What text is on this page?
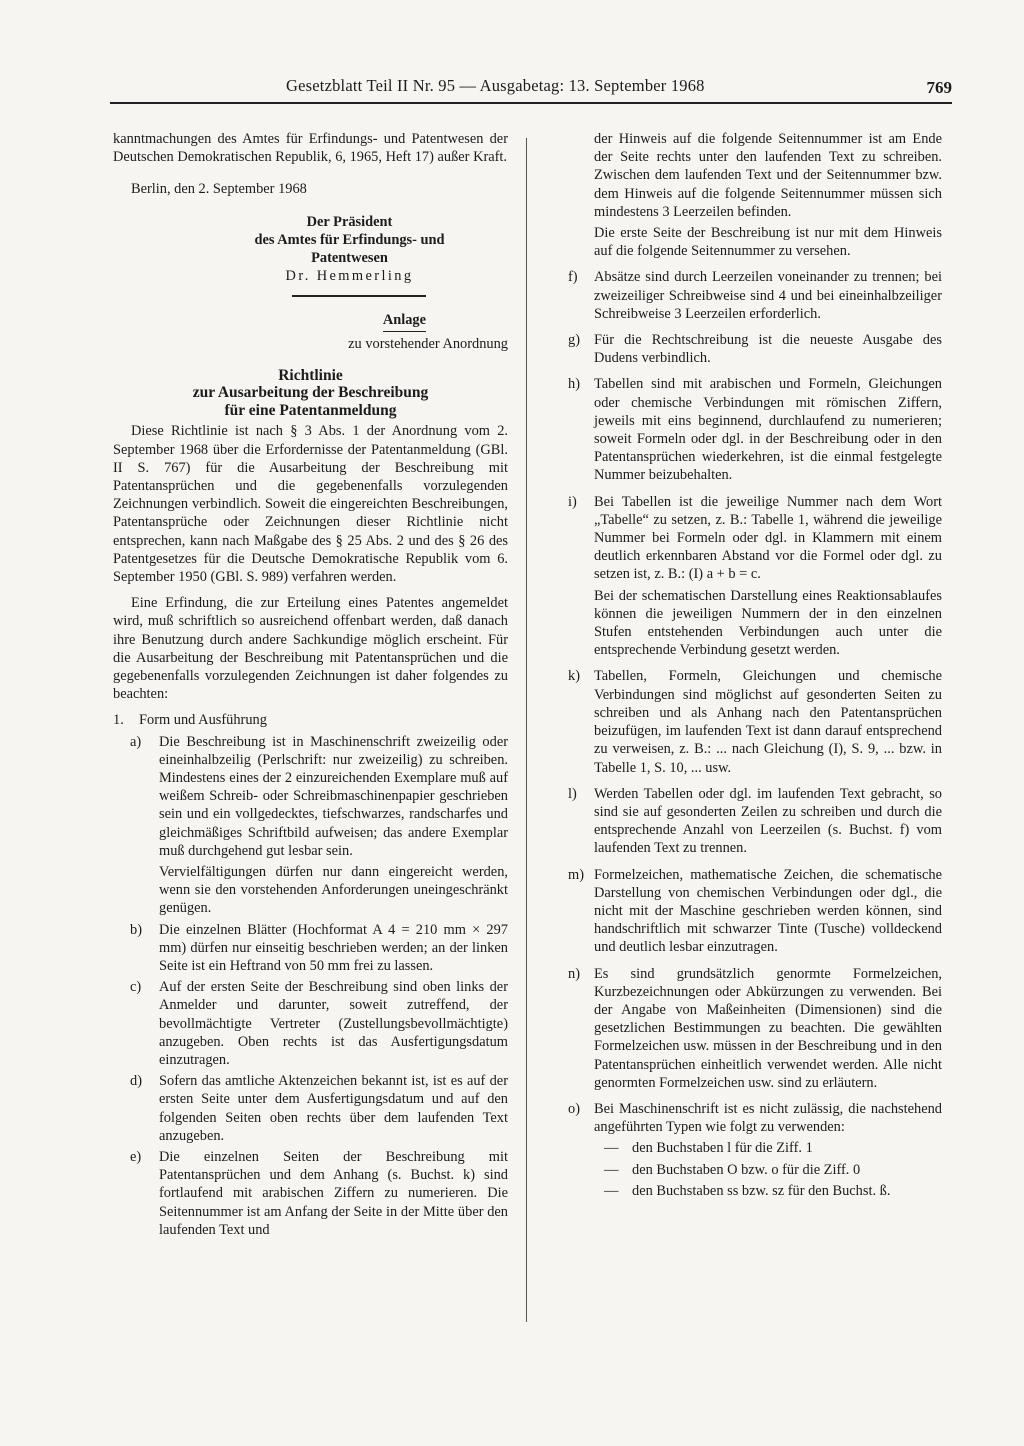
Gesetzblatt Teil II Nr. 95 — Ausgabetag: 13. September 1968	769

kanntmachungen des Amtes für Erfindungs- und Patentwesen der Deutschen Demokratischen Republik, 6, 1965, Heft 17) außer Kraft.

Berlin, den 2. September 1968

Der Präsident

des Amtes für Erfindungs- und

Patentwesen

Dr. Hemmerling

Anlage

zu vorstehender Anordnung

Richtlinie

zur Ausarbeitung der Beschreibung

für eine Patentanmeldung

Diese Richtlinie ist nach § 3 Abs. 1 der Anordnung vom 2. September 1968 über die Erfordernisse der Patentanmeldung (GBl. II S. 767) für die Ausarbeitung der Beschreibung mit Patentansprüchen und die gegebenenfalls vorzulegenden Zeichnungen verbindlich. Soweit die eingereichten Beschreibungen, Patentansprüche oder Zeichnungen dieser Richtlinie nicht entsprechen, kann nach Maßgabe des § 25 Abs. 2 und des § 26 des Patentgesetzes für die Deutsche Demokratische Republik vom 6. September 1950 (GBl. S. 989) verfahren werden.

Eine Erfindung, die zur Erteilung eines Patentes angemeldet wird, muß schriftlich so ausreichend offenbart werden, daß danach ihre Benutzung durch andere Sachkundige möglich erscheint. Für die Ausarbeitung der Beschreibung mit Patentansprüchen und die gegebenenfalls vorzulegenden Zeichnungen ist daher folgendes zu beachten:

1.	Form und Ausführung
a)	Die Beschreibung ist in Maschinenschrift zweizeilig oder eineinhalbzeilig (Perlschrift: nur zweizeilig) zu schreiben. Mindestens eines der 2 einzureichenden Exemplare muß auf weißem Schreib- oder Schreibmaschinenpapier geschrieben sein und ein vollgedecktes, tiefschwarzes, randscharfes und gleichmäßiges Schriftbild aufweisen; das andere Exemplar muß durchgehend gut lesbar sein.

Vervielfältigungen dürfen nur dann eingereicht werden, wenn sie den vorstehenden Anforderungen uneingeschränkt genügen.

b)	Die einzelnen Blätter (Hochformat A 4 = 210 mm × 297 mm) dürfen nur einseitig beschrieben werden; an der linken Seite ist ein Heftrand von 50 mm frei zu lassen.
c)	Auf der ersten Seite der Beschreibung sind oben links der Anmelder und darunter, soweit zutreffend, der bevollmächtigte Vertreter (Zustellungsbevollmächtigte) anzugeben. Oben rechts ist das Ausfertigungsdatum einzutragen.
d)	Sofern das amtliche Aktenzeichen bekannt ist, ist es auf der ersten Seite unter dem Ausfertigungsdatum und auf den folgenden Seiten oben rechts über dem laufenden Text anzugeben.
e)	Die einzelnen Seiten der Beschreibung mit Patentansprüchen und dem Anhang (s. Buchst. k) sind fortlaufend mit arabischen Ziffern zu numerieren. Die Seitennummer ist am Anfang der Seite in der Mitte über den laufenden Text und

der Hinweis auf die folgende Seitennummer ist am Ende der Seite rechts unter den laufenden Text zu schreiben. Zwischen dem laufenden Text und der Seitennummer bzw. dem Hinweis auf die folgende Seitennummer müssen sich mindestens 3 Leerzeilen befinden.

Die erste Seite der Beschreibung ist nur mit dem Hinweis auf die folgende Seitennummer zu versehen.

f)	Absätze sind durch Leerzeilen voneinander zu trennen; bei zweizeiliger Schreibweise sind 4 und bei eineinhalbzeiliger Schreibweise 3 Leerzeilen erforderlich.
g) Für die Rechtschreibung ist die neueste Ausgabe des Dudens verbindlich.
h) Tabellen sind mit arabischen und Formeln, Gleichungen oder chemische Verbindungen mit römischen Ziffern, jeweils mit eins beginnend, durchlaufend zu numerieren; soweit Formeln oder dgl. in der Beschreibung oder in den Patentansprüchen wiederkehren, ist die einmal festgelegte Nummer beizubehalten.
i)	Bei Tabellen ist die jeweilige Nummer nach dem Wort „Tabelle“ zu setzen, z. B.: Tabelle 1, während die jeweilige Nummer bei Formeln oder dgl. in Klammern mit einem deutlich erkennbaren Abstand vor die Formel oder dgl. zu setzen ist, z. B.: (I) a + b = c.

Bei der schematischen Darstellung eines Reaktionsablaufes können die jeweiligen Nummern der in den einzelnen Stufen entstehenden Verbindungen auch unter die entsprechende Verbindung gesetzt werden.

k) Tabellen, Formeln, Gleichungen und chemische Verbindungen sind möglichst auf gesonderten Seiten zu schreiben und als Anhang nach den Patentansprüchen beizufügen, im laufenden Text ist dann darauf entsprechend zu verweisen, z. B.: ... nach Gleichung (I), S. 9, ... bzw. in Tabelle 1, S. 10, ... usw.
l)	Werden Tabellen oder dgl. im laufenden Text gebracht, so sind sie auf gesonderten Zeilen zu schreiben und durch die entsprechende Anzahl von Leerzeilen (s. Buchst. f) vom laufenden Text zu trennen.
m) Formelzeichen, mathematische Zeichen, die schematische Darstellung von chemischen Verbindungen oder dgl., die nicht mit der Maschine geschrieben werden können, sind handschriftlich mit schwarzer Tinte (Tusche) volldeckend und deutlich lesbar einzutragen.
n) Es sind grundsätzlich genormte Formelzeichen, Kurzbezeichnungen oder Abkürzungen zu verwenden. Bei der Angabe von Maßeinheiten (Dimensionen) sind die gesetzlichen Bestimmungen zu beachten. Die gewählten Formelzeichen usw. müssen in der Beschreibung und in den Patentansprüchen einheitlich verwendet werden. Alle nicht genormten Formelzeichen usw. sind zu erläutern.
o) Bei Maschinenschrift ist es nicht zulässig, die nachstehend angeführten Typen wie folgt zu verwenden:

— den Buchstaben l für die Ziff. 1
— den Buchstaben O bzw. o für die Ziff. 0
— den Buchstaben ss bzw. sz für den Buchst. ß.
